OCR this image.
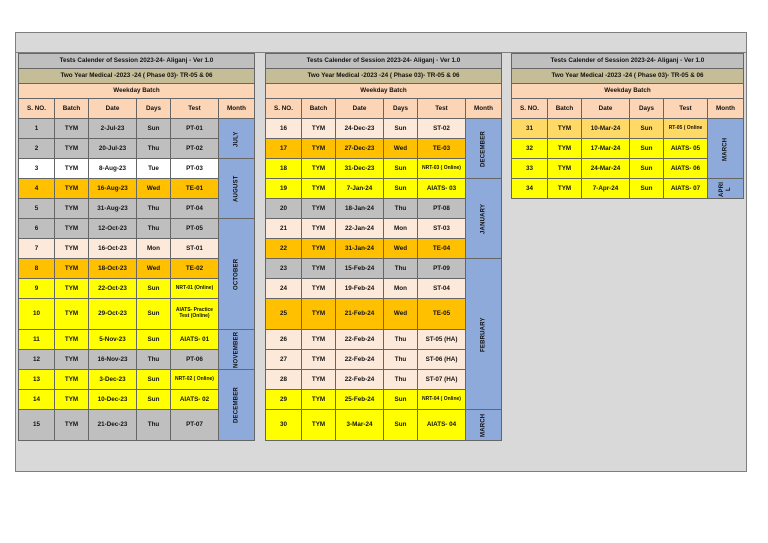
Tests Calender of Session 2023-24- Aliganj - Ver 1.0					
Two Year Medical -2023 -24 ( Phase 03)- TR-05 & 06					
Weekday Batch					
S. NO.	Batch	Date	Days	Test	Month
1	TYM	2-Jul-23	Sun	PT-01	JULY
2	TYM	20-Jul-23	Thu	PT-02	
3	TYM	8-Aug-23	Tue	PT-03	AUGUST
4	TYM	16-Aug-23	Wed	TE-01	
5	TYM	31-Aug-23	Thu	PT-04	
6	TYM	12-Oct-23	Thu	PT-05	OCTOBER
7	TYM	16-Oct-23	Mon	ST-01	
8	TYM	18-Oct-23	Wed	TE-02	
9	TYM	22-Oct-23	Sun	NRT-01 (Online)	
10	TYM	29-Oct-23	Sun	AIATS- Practice Test (Online)	
11	TYM	5-Nov-23	Sun	AIATS- 01	NOVEMBER
12	TYM	16-Nov-23	Thu	PT-06	
13	TYM	3-Dec-23	Sun	NRT-02 ( Online)	DECEMBER
14	TYM	10-Dec-23	Sun	AIATS- 02	
15	TYM	21-Dec-23	Thu	PT-07	
Tests Calender of Session 2023-24- Aliganj - Ver 1.0					
Two Year Medical -2023 -24 ( Phase 03)- TR-05 & 06					
Weekday Batch					
S. NO.	Batch	Date	Days	Test	Month
16	TYM	24-Dec-23	Sun	ST-02	DECEMBER
17	TYM	27-Dec-23	Wed	TE-03	
18	TYM	31-Dec-23	Sun	NRT-03 ( Online)	
19	TYM	7-Jan-24	Sun	AIATS- 03	JANUARY
20	TYM	18-Jan-24	Thu	PT-08	
21	TYM	22-Jan-24	Mon	ST-03	
22	TYM	31-Jan-24	Wed	TE-04	
23	TYM	15-Feb-24	Thu	PT-09	FEBRUARY
24	TYM	19-Feb-24	Mon	ST-04	
25	TYM	21-Feb-24	Wed	TE-05	
26	TYM	22-Feb-24	Thu	ST-05 (HA)	
27	TYM	22-Feb-24	Thu	ST-06 (HA)	
28	TYM	22-Feb-24	Thu	ST-07 (HA)	
29	TYM	25-Feb-24	Sun	NRT-04 ( Online)	
30	TYM	3-Mar-24	Sun	AIATS- 04	MARCH
Tests Calender of Session 2023-24- Aliganj - Ver 1.0					
Two Year Medical -2023 -24 ( Phase 03)- TR-05 & 06					
Weekday Batch					
S. NO.	Batch	Date	Days	Test	Month
31	TYM	10-Mar-24	Sun	RT-05 ( Online	MARCH
32	TYM	17-Mar-24	Sun	AIATS- 05	
33	TYM	24-Mar-24	Sun	AIATS- 06	
34	TYM	7-Apr-24	Sun	AIATS- 07	APRI L
